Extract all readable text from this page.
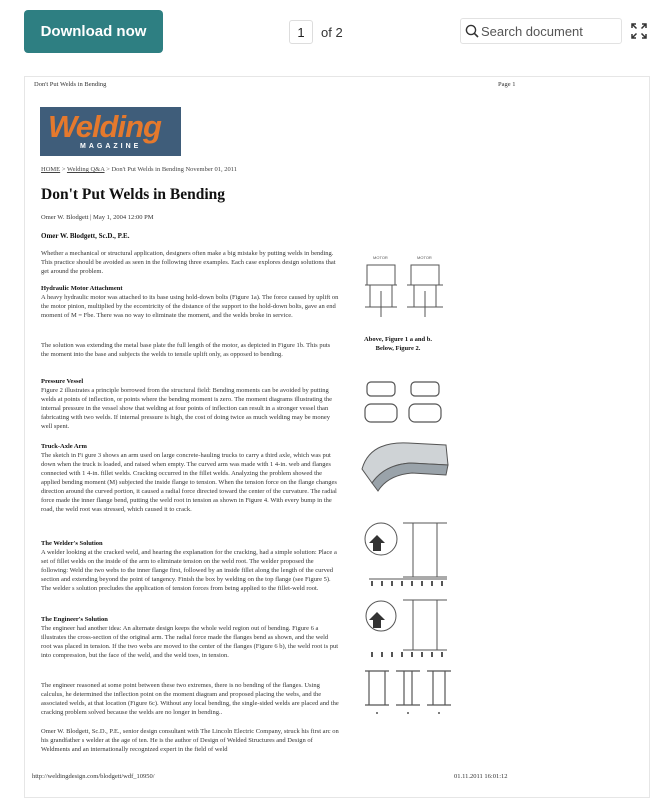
Download now
1	of 2
Search document
Don't Put Welds in Bending	Page 1
Welding
MAGAZINE
HOME > Welding Q&A > Don't Put Welds in Bending November 01, 2011
Don't Put Welds in Bending
Omer W. Blodgett | May 1, 2004 12:00 PM
Omer W. Blodgett, Sc.D., P.E.
Whether a mechanical or structural application, designers often make a big mistake by putting welds in bending. This practice should be avoided as seen in the following three examples. Each case explores design solutions that get around the problem.
Hydraulic Motor Attachment
A heavy hydraulic motor was attached to its base using hold-down bolts (Figure 1a). The force caused by uplift on the motor pinion, multiplied by the eccentricity of the distance of the support to the hold-down bolts, gave an end moment of M = Fbe. There was no way to eliminate the moment, and the welds broke in service.
The solution was extending the metal base plate the full length of the motor, as depicted in Figure 1b. This puts the moment into the base and subjects the welds to tensile uplift only, as opposed to bending.
Pressure Vessel
Figure 2 illustrates a principle borrowed from the structural field: Bending moments can be avoided by putting welds at points of inflection, or points where the bending moment is zero. The moment diagrams illustrating the internal pressure in the vessel show that welding at four points of inflection can result in a stronger vessel than fabricating with two welds. If internal pressure is high, the cost of doing twice as much welding may be money well spent.
Truck-Axle Arm
The sketch in Fi gure 3 shows an arm used on large concrete-hauling trucks to carry a third axle, which was put down when the truck is loaded, and raised when empty. The curved arm was made with 1 4-in. web and flanges connected with 1 4-in. fillet welds. Cracking occurred in the fillet welds. Analyzing the problem showed the applied bending moment (M) subjected the inside flange to tension. When the tension force on the flange changes direction around the curved portion, it caused a radial force directed toward the center of the curvature. The radial force made the inner flange bend, putting the weld root in tension as shown in Figure 4. With every bump in the road, the weld root was stressed, which caused it to crack.
The Welder's Solution
A welder looking at the cracked weld, and hearing the explanation for the cracking, had a simple solution: Place a set of fillet welds on the inside of the arm to eliminate tension on the weld root. The welder proposed the following: Weld the two webs to the inner flange first, followed by an inside fillet along the length of the curved section and extending beyond the point of tangency. Finish the box by welding on the top flange (see Figure 5). The welder s solution precludes the application of tension forces from being applied to the fillet-weld root.
The Engineer's Solution
The engineer had another idea: An alternate design keeps the whole weld region out of bending. Figure 6 a illustrates the cross-section of the original arm. The radial force made the flanges bend as shown, and the weld root was placed in tension. If the two webs are moved to the center of the flanges (Figure 6 b), the weld root is put into compression, but the face of the weld, and the weld toes, in tension.
The engineer reasoned at some point between these two extremes, there is no bending of the flanges. Using calculus, he determined the inflection point on the moment diagram and proposed placing the webs, and the associated welds, at that location (Figure 6c). Without any local bending, the single-sided welds are placed and the cracking problem solved because the welds are no longer in bending..
Omer W. Blodgett, Sc.D., P.E., senior design consultant with The Lincoln Electric Company, struck his first arc on his grandfather s welder at the age of ten. He is the author of Design of Welded Structures and Design of Weldments and an internationally recognized expert in the field of weld
MOTOR	MOTOR
Above, Figure 1 a and b.
Below, Figure 2.
http://weldingdesign.com/blodgett/wdf_10950/	01.11.2011 16:01:12
